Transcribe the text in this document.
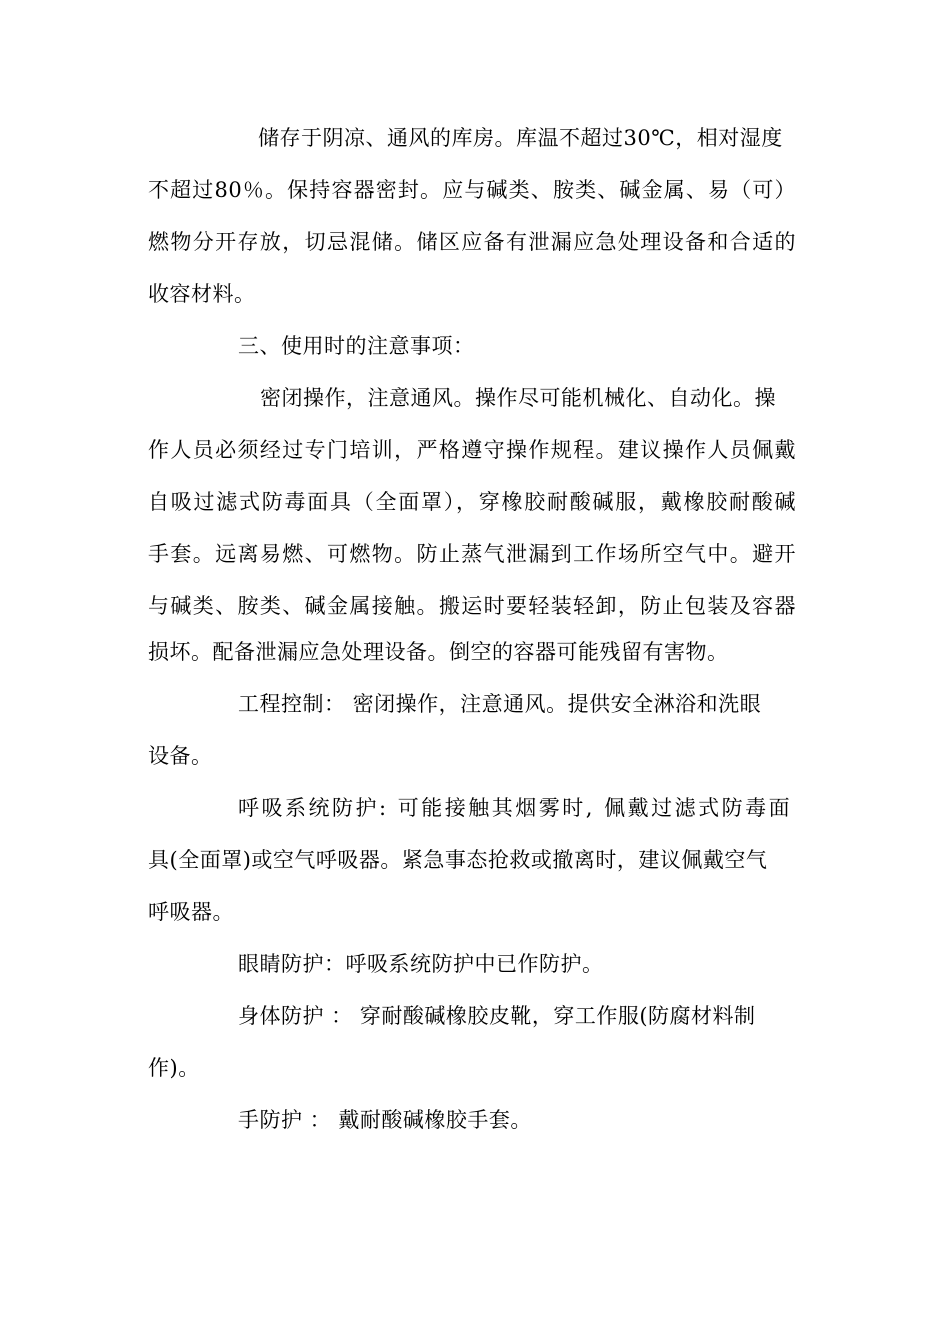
储存于阴凉、通风的库房。库温不超过30℃，相对湿度
不超过80％。保持容器密封。应与碱类、胺类、碱金属、易（可）
燃物分开存放，切忌混储。储区应备有泄漏应急处理设备和合适的
收容材料。
三、使用时的注意事项：
密闭操作，注意通风。操作尽可能机械化、自动化。操
作人员必须经过专门培训，严格遵守操作规程。建议操作人员佩戴
自吸过滤式防毒面具（全面罩），穿橡胶耐酸碱服，戴橡胶耐酸碱
手套。远离易燃、可燃物。防止蒸气泄漏到工作场所空气中。避开
与碱类、胺类、碱金属接触。搬运时要轻装轻卸，防止包装及容器
损坏。配备泄漏应急处理设备。倒空的容器可能残留有害物。
工程控制： 密闭操作，注意通风。提供安全淋浴和洗眼
设备。
呼吸系统防护: 可能接触其烟雾时, 佩戴过滤式防毒面
具(全面罩)或空气呼吸器。紧急事态抢救或撤离时，建议佩戴空气
呼吸器。
眼睛防护：呼吸系统防护中已作防护。
身体防护 ： 穿耐酸碱橡胶皮靴，穿工作服(防腐材料制
作)。
手防护 ： 戴耐酸碱橡胶手套。
